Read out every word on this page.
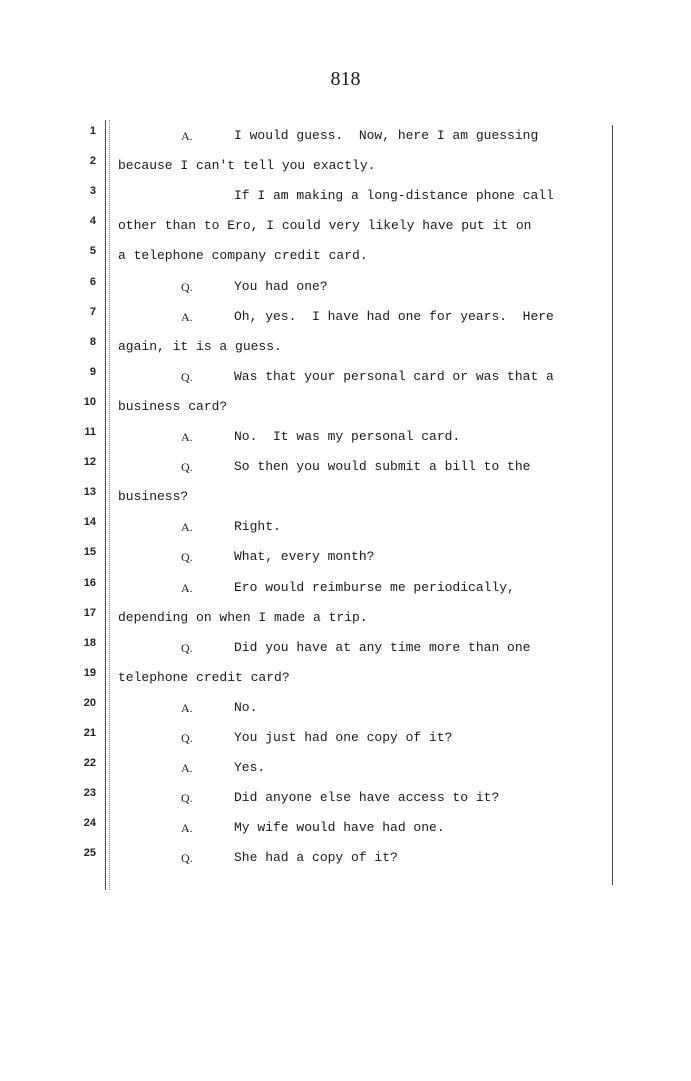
818
1	A.	I would guess.  Now, here I am guessing
2 because I can't tell you exactly.
3	If I am making a long-distance phone call
4 other than to Ero, I could very likely have put it on
5 a telephone company credit card.
6	Q.	You had one?
7	A.	Oh, yes.  I have had one for years.  Here
8 again, it is a guess.
9	Q.	Was that your personal card or was that a
10 business card?
11	A.	No.  It was my personal card.
12	Q.	So then you would submit a bill to the
13 business?
14	A.	Right.
15	Q.	What, every month?
16	A.	Ero would reimburse me periodically,
17 depending on when I made a trip.
18	Q.	Did you have at any time more than one
19 telephone credit card?
20	A.	No.
21	Q.	You just had one copy of it?
22	A.	Yes.
23	Q.	Did anyone else have access to it?
24	A.	My wife would have had one.
25	Q.	She had a copy of it?
